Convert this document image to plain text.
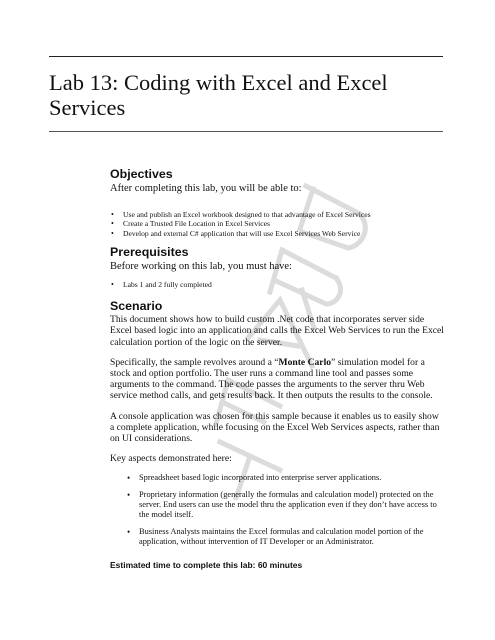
Lab 13: Coding with Excel and Excel
Services
Objectives

After completing this lab, you will be able to:

• Use and publish an Excel workbook designed to that advantage of Excel Services
• Create a Trusted File Location in Excel Services
• Develop and external C# application that will use Excel Services Web Service
Prerequisites

Before working on this lab, you must have:

• Labs 1 and 2 fully completed
Scenario

This document shows how to build custom .Net code that incorporates server side Excel based logic into an application and calls the Excel Web Services to run the Excel calculation portion of the logic on the server.

Specifically, the sample revolves around a “Monte Carlo” simulation model for a stock and option portfolio. The user runs a command line tool and passes some arguments to the command. The code passes the arguments to the server thru Web service method calls, and gets results back. It then outputs the results to the console.

A console application was chosen for this sample because it enables us to easily show a complete application, while focusing on the Excel Web Services aspects, rather than on UI considerations.

Key aspects demonstrated here:

• Spreadsheet based logic incorporated into enterprise server applications.
• Proprietary information (generally the formulas and calculation model) protected on the server. End users can use the model thru the application even if they don’t have access to the model itself.
• Business Analysts maintains the Excel formulas and calculation model portion of the application, without intervention of IT Developer or an Administrator.

Estimated time to complete this lab: 60 minutes
